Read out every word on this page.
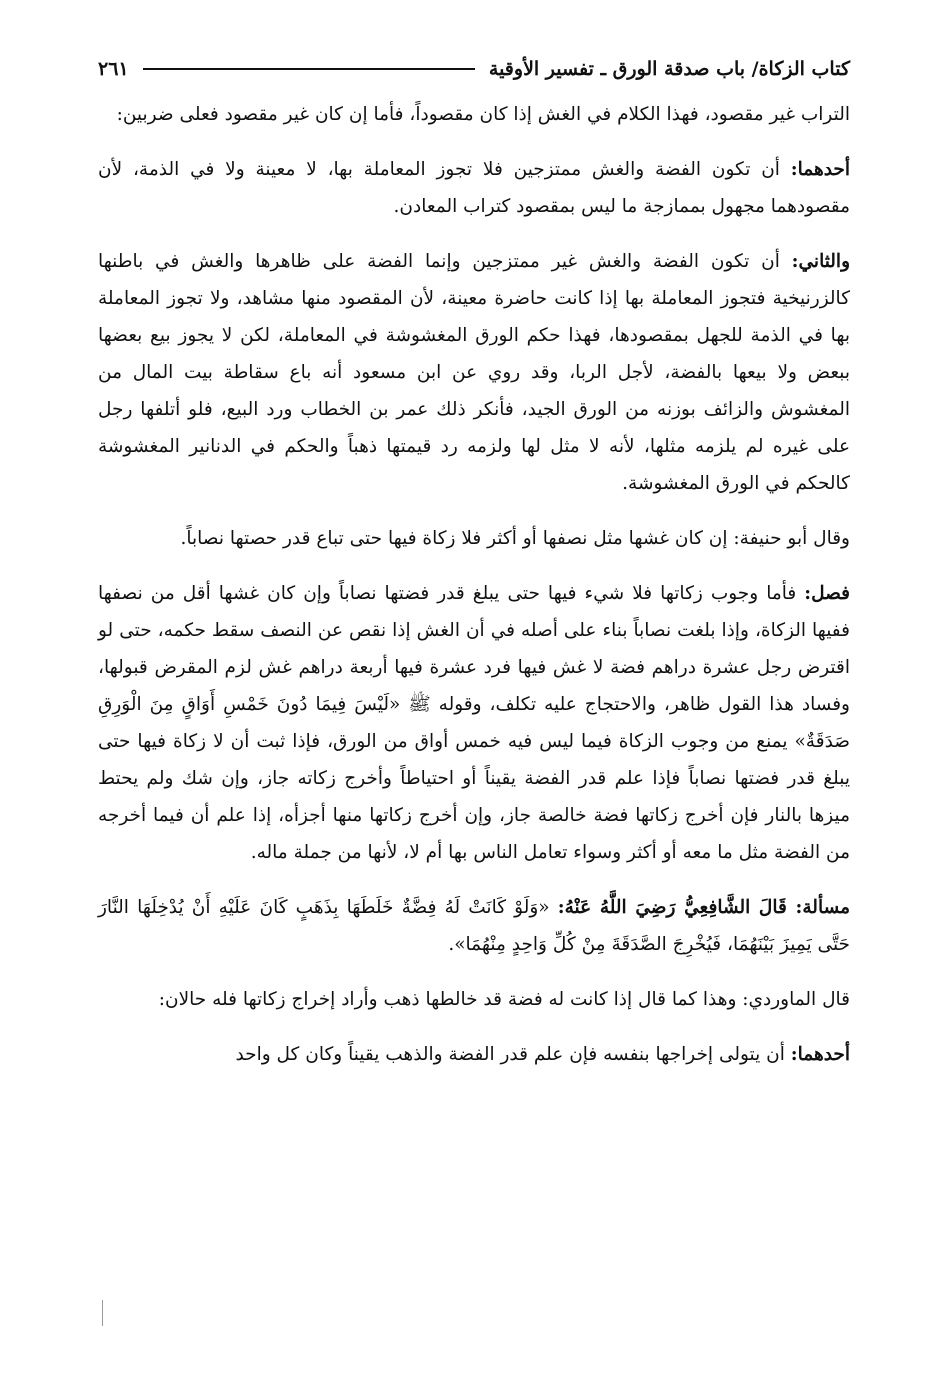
كتاب الزكاة/ باب صدقة الورق ـ تفسير الأوقية
٢٦١

التراب غير مقصود، فهذا الكلام في الغش إذا كان مقصوداً، فأما إن كان غير مقصود فعلى ضربين:

أحدهما: أن تكون الفضة والغش ممتزجين فلا تجوز المعاملة بها، لا معينة ولا في الذمة، لأن مقصودهما مجهول بممازجة ما ليس بمقصود كتراب المعادن.

والثاني: أن تكون الفضة والغش غير ممتزجين وإنما الفضة على ظاهرها والغش في باطنها كالزرنيخية فتجوز المعاملة بها إذا كانت حاضرة معينة، لأن المقصود منها مشاهد، ولا تجوز المعاملة بها في الذمة للجهل بمقصودها، فهذا حكم الورق المغشوشة في المعاملة، لكن لا يجوز بيع بعضها ببعض ولا بيعها بالفضة، لأجل الربا، وقد روي عن ابن مسعود أنه باع سقاطة بيت المال من المغشوش والزائف بوزنه من الورق الجيد، فأنكر ذلك عمر بن الخطاب ورد البيع، فلو أتلفها رجل على غيره لم يلزمه مثلها، لأنه لا مثل لها ولزمه رد قيمتها ذهباً والحكم في الدنانير المغشوشة كالحكم في الورق المغشوشة.

وقال أبو حنيفة: إن كان غشها مثل نصفها أو أكثر فلا زكاة فيها حتى تباع قدر حصتها نصاباً.

فصل: فأما وجوب زكاتها فلا شيء فيها حتى يبلغ قدر فضتها نصاباً وإن كان غشها أقل من نصفها ففيها الزكاة، وإذا بلغت نصاباً بناء على أصله في أن الغش إذا نقص عن النصف سقط حكمه، حتى لو اقترض رجل عشرة دراهم فضة لا غش فيها فرد عشرة فيها أربعة دراهم غش لزم المقرض قبولها، وفساد هذا القول ظاهر، والاحتجاج عليه تكلف، وقوله ﷺ «لَيْسَ فِيمَا دُونَ خَمْسِ أَوَاقٍ مِنَ الْوَرِقِ صَدَقَةٌ» يمنع من وجوب الزكاة فيما ليس فيه خمس أواق من الورق، فإذا ثبت أن لا زكاة فيها حتى يبلغ قدر فضتها نصاباً فإذا علم قدر الفضة يقيناً أو احتياطاً وأخرج زكاته جاز، وإن شك ولم يحتط ميزها بالنار فإن أخرج زكاتها فضة خالصة جاز، وإن أخرج زكاتها منها أجزأه، إذا علم أن فيما أخرجه من الفضة مثل ما معه أو أكثر وسواء تعامل الناس بها أم لا، لأنها من جملة ماله.

مسألة: قَالَ الشَّافِعِيُّ رَضِيَ اللَّهُ عَنْهُ: «وَلَوْ كَانَتْ لَهُ فِضَّةٌ خَلَطَهَا بِذَهَبٍ كَانَ عَلَيْهِ أَنْ يُدْخِلَهَا النَّارَ حَتَّى يَمِيزَ بَيْنَهُمَا، فَيُخْرِجَ الصَّدَقَةَ مِنْ كُلِّ وَاحِدٍ مِنْهُمَا».

قال الماوردي: وهذا كما قال إذا كانت له فضة قد خالطها ذهب وأراد إخراج زكاتها فله حالان:

أحدهما: أن يتولى إخراجها بنفسه فإن علم قدر الفضة والذهب يقيناً وكان كل واحد
